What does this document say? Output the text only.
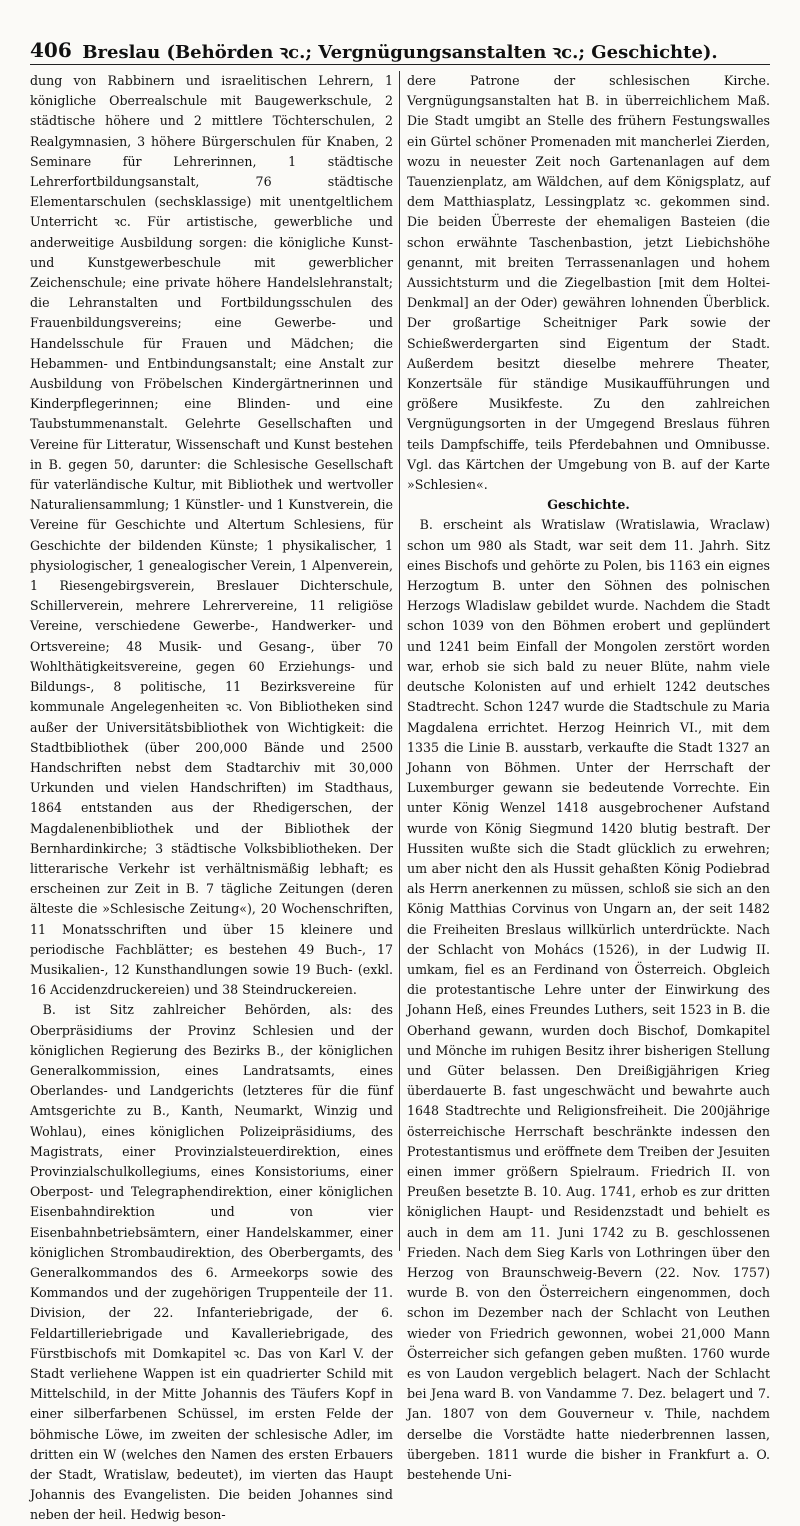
406 Breslau (Behörden ꝛc.; Vergnügungsanstalten ꝛc.; Geschichte).

dung von Rabbinern und israelitischen Lehrern, 1 königliche Oberrealschule mit Baugewerkschule, 2 städtische höhere und 2 mittlere Töchterschulen, 2 Realgymnasien, 3 höhere Bürgerschulen für Knaben, 2 Seminare für Lehrerinnen, 1 städtische Lehrerfortbildungsanstalt, 76 städtische Elementarschulen (sechsklassige) mit unentgeltlichem Unterricht ꝛc. Für artistische, gewerbliche und anderweitige Ausbildung sorgen: die königliche Kunst- und Kunstgewerbeschule mit gewerblicher Zeichenschule; eine private höhere Handelslehranstalt; die Lehranstalten und Fortbildungsschulen des Frauenbildungsvereins; eine Gewerbe- und Handelsschule für Frauen und Mädchen; die Hebammen- und Entbindungsanstalt; eine Anstalt zur Ausbildung von Fröbelschen Kindergärtnerinnen und Kinderpflegerinnen; eine Blinden- und eine Taubstummenanstalt. Gelehrte Gesellschaften und Vereine für Litteratur, Wissenschaft und Kunst bestehen in B. gegen 50, darunter: die Schlesische Gesellschaft für vaterländische Kultur, mit Bibliothek und wertvoller Naturaliensammlung; 1 Künstler- und 1 Kunstverein, die Vereine für Geschichte und Altertum Schlesiens, für Geschichte der bildenden Künste; 1 physikalischer, 1 physiologischer, 1 genealogischer Verein, 1 Alpenverein, 1 Riesengebirgsverein, Breslauer Dichterschule, Schillerverein, mehrere Lehrervereine, 11 religiöse Vereine, verschiedene Gewerbe-, Handwerker- und Ortsvereine; 48 Musik- und Gesang-, über 70 Wohlthätigkeitsvereine, gegen 60 Erziehungs- und Bildungs-, 8 politische, 11 Bezirksvereine für kommunale Angelegenheiten ꝛc. Von Bibliotheken sind außer der Universitätsbibliothek von Wichtigkeit: die Stadtbibliothek (über 200,000 Bände und 2500 Handschriften nebst dem Stadtarchiv mit 30,000 Urkunden und vielen Handschriften) im Stadthaus, 1864 entstanden aus der Rhedigerschen, der Magdalenenbibliothek und der Bibliothek der Bernhardinkirche; 3 städtische Volksbibliotheken. Der litterarische Verkehr ist verhältnismäßig lebhaft; es erscheinen zur Zeit in B. 7 tägliche Zeitungen (deren älteste die »Schlesische Zeitung«), 20 Wochenschriften, 11 Monatsschriften und über 15 kleinere und periodische Fachblätter; es bestehen 49 Buch-, 17 Musikalien-, 12 Kunsthandlungen sowie 19 Buch- (exkl. 16 Accidenzdruckereien) und 38 Steindruckereien.

B. ist Sitz zahlreicher Behörden, als: des Oberpräsidiums der Provinz Schlesien und der königlichen Regierung des Bezirks B., der königlichen Generalkommission, eines Landratsamts, eines Oberlandes- und Landgerichts (letzteres für die fünf Amtsgerichte zu B., Kanth, Neumarkt, Winzig und Wohlau), eines königlichen Polizeipräsidiums, des Magistrats, einer Provinzialsteuerdirektion, eines Provinzialschulkollegiums, eines Konsistoriums, einer Oberpost- und Telegraphendirektion, einer königlichen Eisenbahndirektion und von vier Eisenbahnbetriebsämtern, einer Handelskammer, einer königlichen Strombaudirektion, des Oberbergamts, des Generalkommandos des 6. Armeekorps sowie des Kommandos und der zugehörigen Truppenteile der 11. Division, der 22. Infanteriebrigade, der 6. Feldartilleriebrigade und Kavalleriebrigade, des Fürstbischofs mit Domkapitel ꝛc. Das von Karl V. der Stadt verliehene Wappen ist ein quadrierter Schild mit Mittelschild, in der Mitte Johannis des Täufers Kopf in einer silberfarbenen Schüssel, im ersten Felde der böhmische Löwe, im zweiten der schlesische Adler, im dritten ein W (welches den Namen des ersten Erbauers der Stadt, Wratislaw, bedeutet), im vierten das Haupt Johannis des Evangelisten. Die beiden Johannes sind neben der heil. Hedwig beson-

dere Patrone der schlesischen Kirche. Vergnügungsanstalten hat B. in überreichlichem Maß. Die Stadt umgibt an Stelle des frühern Festungswalles ein Gürtel schöner Promenaden mit mancherlei Zierden, wozu in neuester Zeit noch Gartenanlagen auf dem Tauenzienplatz, am Wäldchen, auf dem Königsplatz, auf dem Matthiasplatz, Lessingplatz ꝛc. gekommen sind. Die beiden Überreste der ehemaligen Basteien (die schon erwähnte Taschenbastion, jetzt Liebichshöhe genannt, mit breiten Terrassenanlagen und hohem Aussichtsturm und die Ziegelbastion [mit dem Holtei-Denkmal] an der Oder) gewähren lohnenden Überblick. Der großartige Scheitniger Park sowie der Schießwerdergarten sind Eigentum der Stadt. Außerdem besitzt dieselbe mehrere Theater, Konzertsäle für ständige Musikaufführungen und größere Musikfeste. Zu den zahlreichen Vergnügungsorten in der Umgegend Breslaus führen teils Dampfschiffe, teils Pferdebahnen und Omnibusse. Vgl. das Kärtchen der Umgebung von B. auf der Karte »Schlesien«.

Geschichte.

B. erscheint als Wratislaw (Wratislawia, Wraclaw) schon um 980 als Stadt, war seit dem 11. Jahrh. Sitz eines Bischofs und gehörte zu Polen, bis 1163 ein eignes Herzogtum B. unter den Söhnen des polnischen Herzogs Wladislaw gebildet wurde. Nachdem die Stadt schon 1039 von den Böhmen erobert und geplündert und 1241 beim Einfall der Mongolen zerstört worden war, erhob sie sich bald zu neuer Blüte, nahm viele deutsche Kolonisten auf und erhielt 1242 deutsches Stadtrecht. Schon 1247 wurde die Stadtschule zu Maria Magdalena errichtet. Herzog Heinrich VI., mit dem 1335 die Linie B. ausstarb, verkaufte die Stadt 1327 an Johann von Böhmen. Unter der Herrschaft der Luxemburger gewann sie bedeutende Vorrechte. Ein unter König Wenzel 1418 ausgebrochener Aufstand wurde von König Siegmund 1420 blutig bestraft. Der Hussiten wußte sich die Stadt glücklich zu erwehren; um aber nicht den als Hussit gehaßten König Podiebrad als Herrn anerkennen zu müssen, schloß sie sich an den König Matthias Corvinus von Ungarn an, der seit 1482 die Freiheiten Breslaus willkürlich unterdrückte. Nach der Schlacht von Mohács (1526), in der Ludwig II. umkam, fiel es an Ferdinand von Österreich. Obgleich die protestantische Lehre unter der Einwirkung des Johann Heß, eines Freundes Luthers, seit 1523 in B. die Oberhand gewann, wurden doch Bischof, Domkapitel und Mönche im ruhigen Besitz ihrer bisherigen Stellung und Güter belassen. Den Dreißigjährigen Krieg überdauerte B. fast ungeschwächt und bewahrte auch 1648 Stadtrechte und Religionsfreiheit. Die 200jährige österreichische Herrschaft beschränkte indessen den Protestantismus und eröffnete dem Treiben der Jesuiten einen immer größern Spielraum. Friedrich II. von Preußen besetzte B. 10. Aug. 1741, erhob es zur dritten königlichen Haupt- und Residenzstadt und behielt es auch in dem am 11. Juni 1742 zu B. geschlossenen Frieden. Nach dem Sieg Karls von Lothringen über den Herzog von Braunschweig-Bevern (22. Nov. 1757) wurde B. von den Österreichern eingenommen, doch schon im Dezember nach der Schlacht von Leuthen wieder von Friedrich gewonnen, wobei 21,000 Mann Österreicher sich gefangen geben mußten. 1760 wurde es von Laudon vergeblich belagert. Nach der Schlacht bei Jena ward B. von Vandamme 7. Dez. belagert und 7. Jan. 1807 von dem Gouverneur v. Thile, nachdem derselbe die Vorstädte hatte niederbrennen lassen, übergeben. 1811 wurde die bisher in Frankfurt a. O. bestehende Uni-
